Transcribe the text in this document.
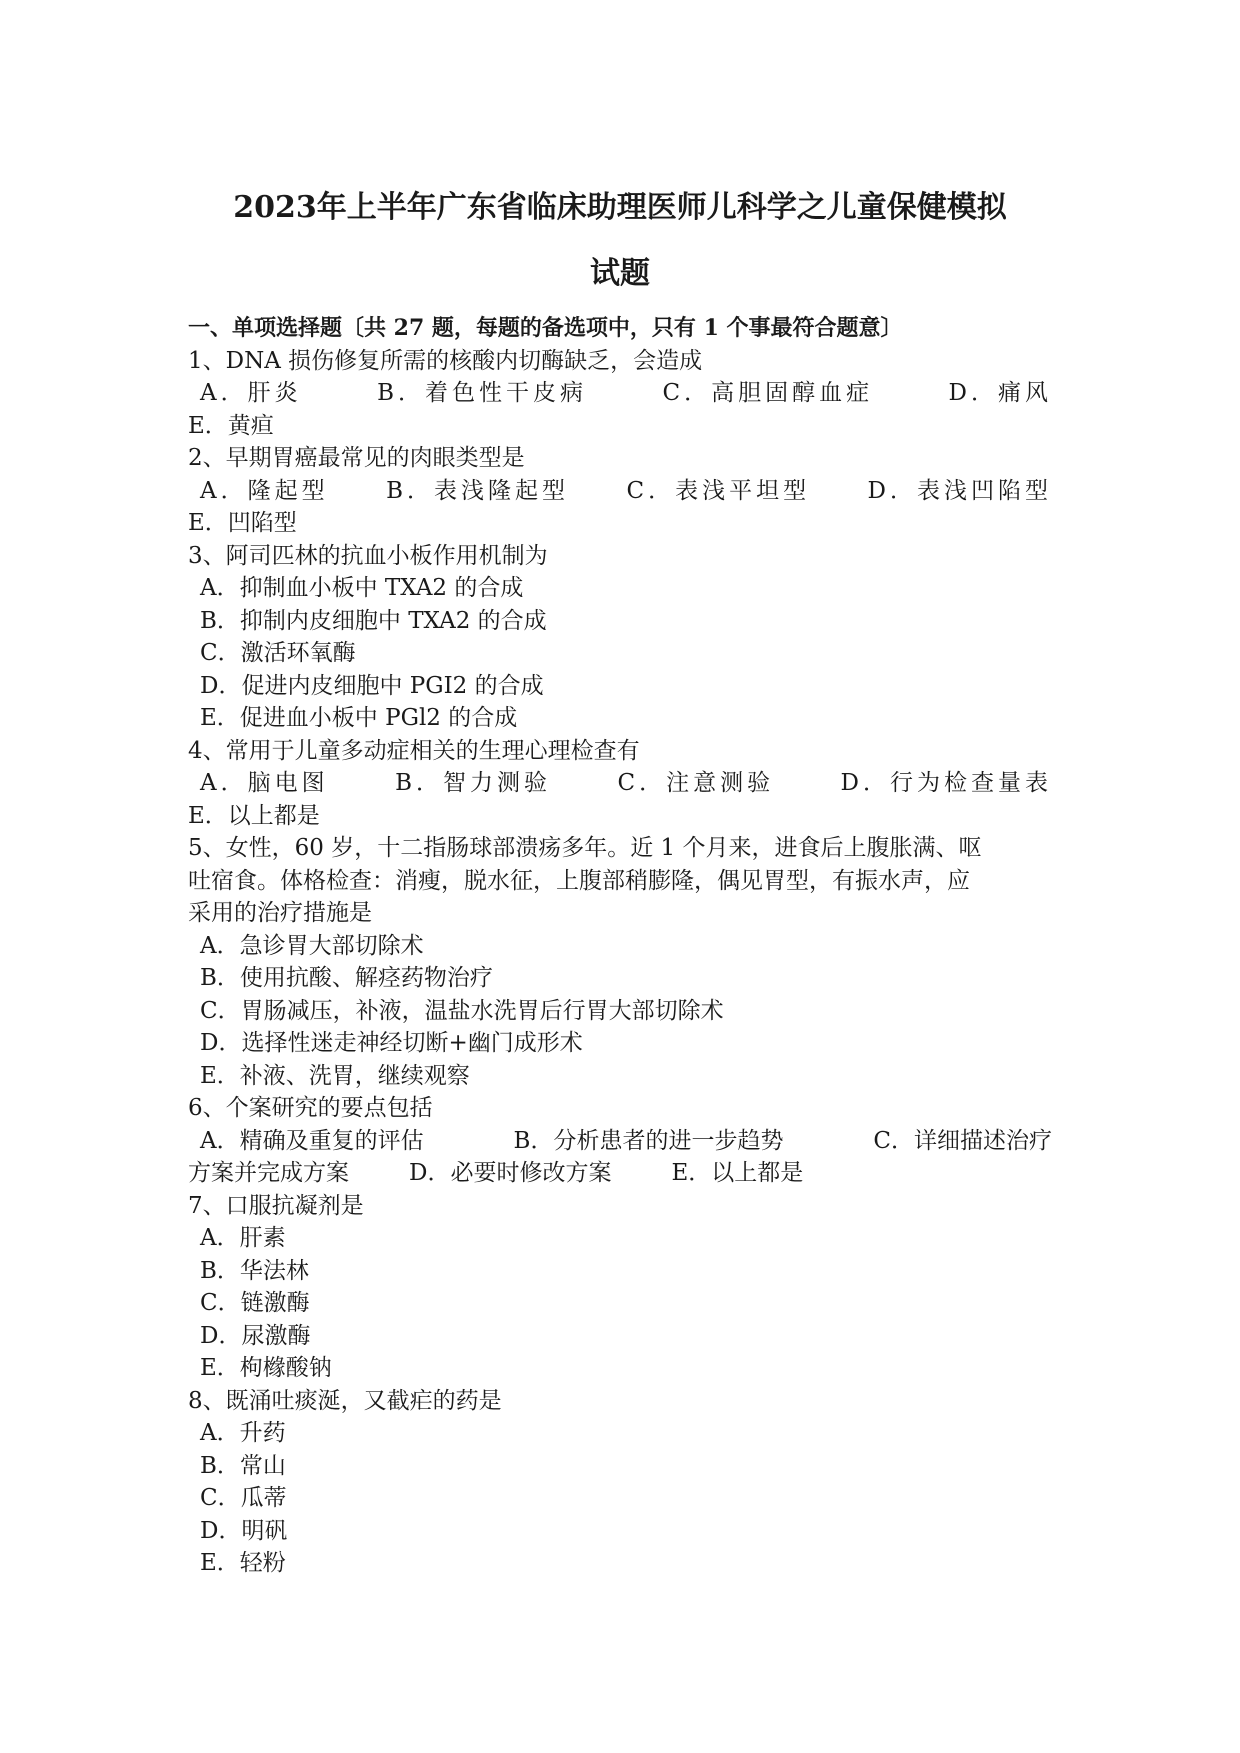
2023年上半年广东省临床助理医师儿科学之儿童保健模拟
试题
一、单项选择题〔共 27 题，每题的备选项中，只有 1 个事最符合题意〕
1、DNA 损伤修复所需的核酸内切酶缺乏，会造成
A．肝炎	B．着色性干皮病	C．高胆固醇血症	D．痛风
E．黄疸
2、早期胃癌最常见的肉眼类型是
A．隆起型 B．表浅隆起型 C．表浅平坦型 D．表浅凹陷型
E．凹陷型
3、阿司匹林的抗血小板作用机制为
A．抑制血小板中 TXA2 的合成
B．抑制内皮细胞中 TXA2 的合成
C．激活环氧酶
D．促进内皮细胞中 PGI2 的合成
E．促进血小板中 PGl2 的合成
4、常用于儿童多动症相关的生理心理检查有
A．脑电图	B．智力测验	C．注意测验	D．行为检查量表
E．以上都是
5、女性，60 岁，十二指肠球部溃疡多年。近 1 个月来，进食后上腹胀满、呕
吐宿食。体格检查：消瘦，脱水征，上腹部稍膨隆，偶见胃型，有振水声，应
采用的治疗措施是
A．急诊胃大部切除术
B．使用抗酸、解痉药物治疗
C．胃肠减压，补液，温盐水洗胃后行胃大部切除术
D．选择性迷走神经切断+幽门成形术
E．补液、洗胃，继续观察
6、个案研究的要点包括
A．精确及重复的评估	B．分析患者的进一步趋势	C．详细描述治疗
方案并完成方案	D．必要时修改方案	E．以上都是
7、口服抗凝剂是
A．肝素
B．华法林
C．链激酶
D．尿激酶
E．枸橼酸钠
8、既涌吐痰涎，又截疟的药是
A．升药
B．常山
C．瓜蒂
D．明矾
E．轻粉
